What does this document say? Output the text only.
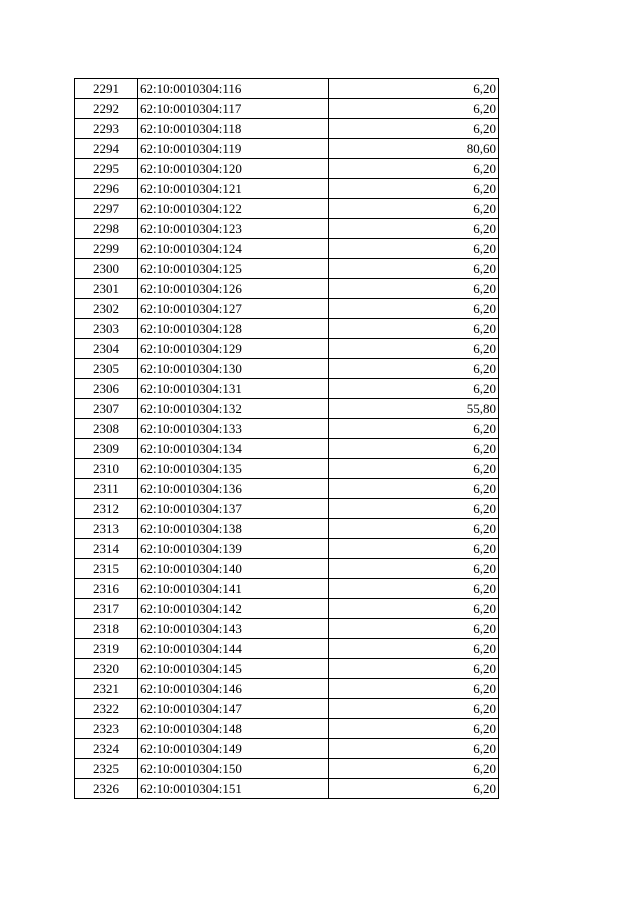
2291	62:10:0010304:116	6,20
2292	62:10:0010304:117	6,20
2293	62:10:0010304:118	6,20
2294	62:10:0010304:119	80,60
2295	62:10:0010304:120	6,20
2296	62:10:0010304:121	6,20
2297	62:10:0010304:122	6,20
2298	62:10:0010304:123	6,20
2299	62:10:0010304:124	6,20
2300	62:10:0010304:125	6,20
2301	62:10:0010304:126	6,20
2302	62:10:0010304:127	6,20
2303	62:10:0010304:128	6,20
2304	62:10:0010304:129	6,20
2305	62:10:0010304:130	6,20
2306	62:10:0010304:131	6,20
2307	62:10:0010304:132	55,80
2308	62:10:0010304:133	6,20
2309	62:10:0010304:134	6,20
2310	62:10:0010304:135	6,20
2311	62:10:0010304:136	6,20
2312	62:10:0010304:137	6,20
2313	62:10:0010304:138	6,20
2314	62:10:0010304:139	6,20
2315	62:10:0010304:140	6,20
2316	62:10:0010304:141	6,20
2317	62:10:0010304:142	6,20
2318	62:10:0010304:143	6,20
2319	62:10:0010304:144	6,20
2320	62:10:0010304:145	6,20
2321	62:10:0010304:146	6,20
2322	62:10:0010304:147	6,20
2323	62:10:0010304:148	6,20
2324	62:10:0010304:149	6,20
2325	62:10:0010304:150	6,20
2326	62:10:0010304:151	6,20
